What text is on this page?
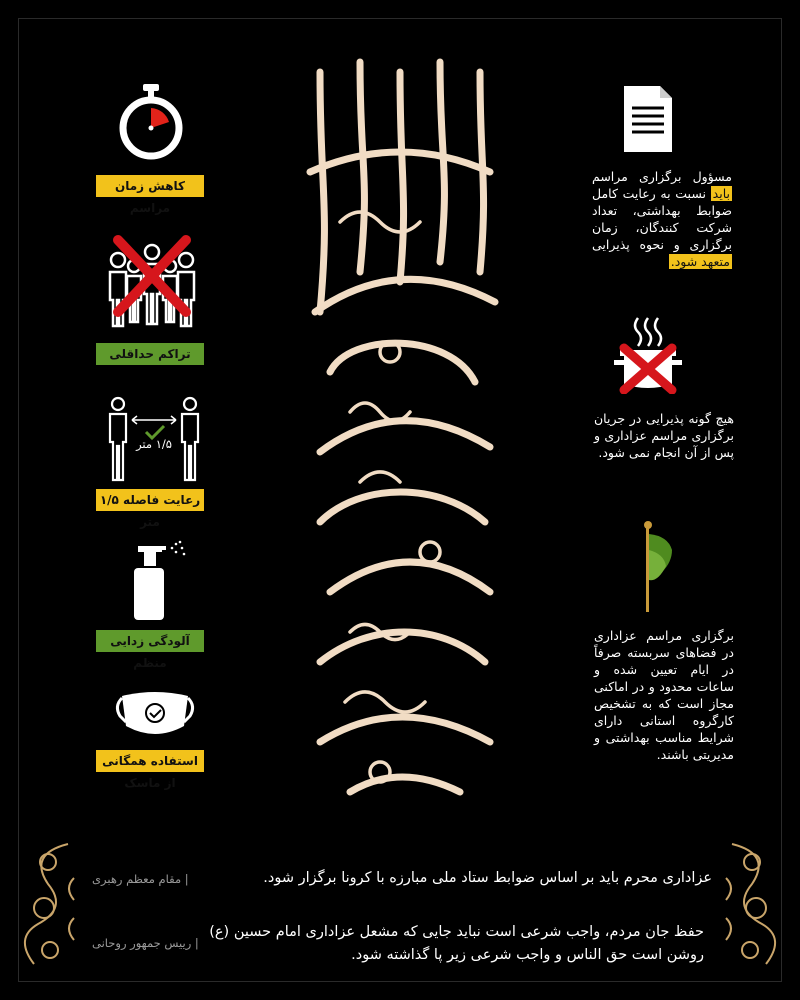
کاهش زمان مراسم
تراکم حداقلی
۱/۵ متر
رعایت فاصله ۱/۵ متر
آلودگی زدایی منظم
استفاده همگانی از ماسک
مسؤول برگزاری مراسم باید نسبت به رعایت کامل ضوابط بهداشتی، تعداد شرکت کنندگان، زمان برگزاری و نحوه پذیرایی متعهد شود.
هیچ گونه پذیرایی در جریان برگزاری مراسم عزاداری و پس از آن انجام نمی شود.
برگزاری مراسم عزاداری در فضاهای سربسته صرفاً در ایام تعیین شده و ساعات محدود و در اماکنی مجاز است که به تشخیص کارگروه استانی دارای شرایط مناسب بهداشتی و مدیریتی باشند.
| مقام معظم رهبری	عزاداری محرم باید بر اساس ضوابط ستاد ملی مبارزه با کرونا برگزار شود.
| رییس جمهور روحانی
حفظ جان مردم، واجب شرعی است نباید جایی که مشعل عزاداری امام حسین (ع)
روشن است حق الناس و واجب شرعی زیر پا گذاشته شود.
